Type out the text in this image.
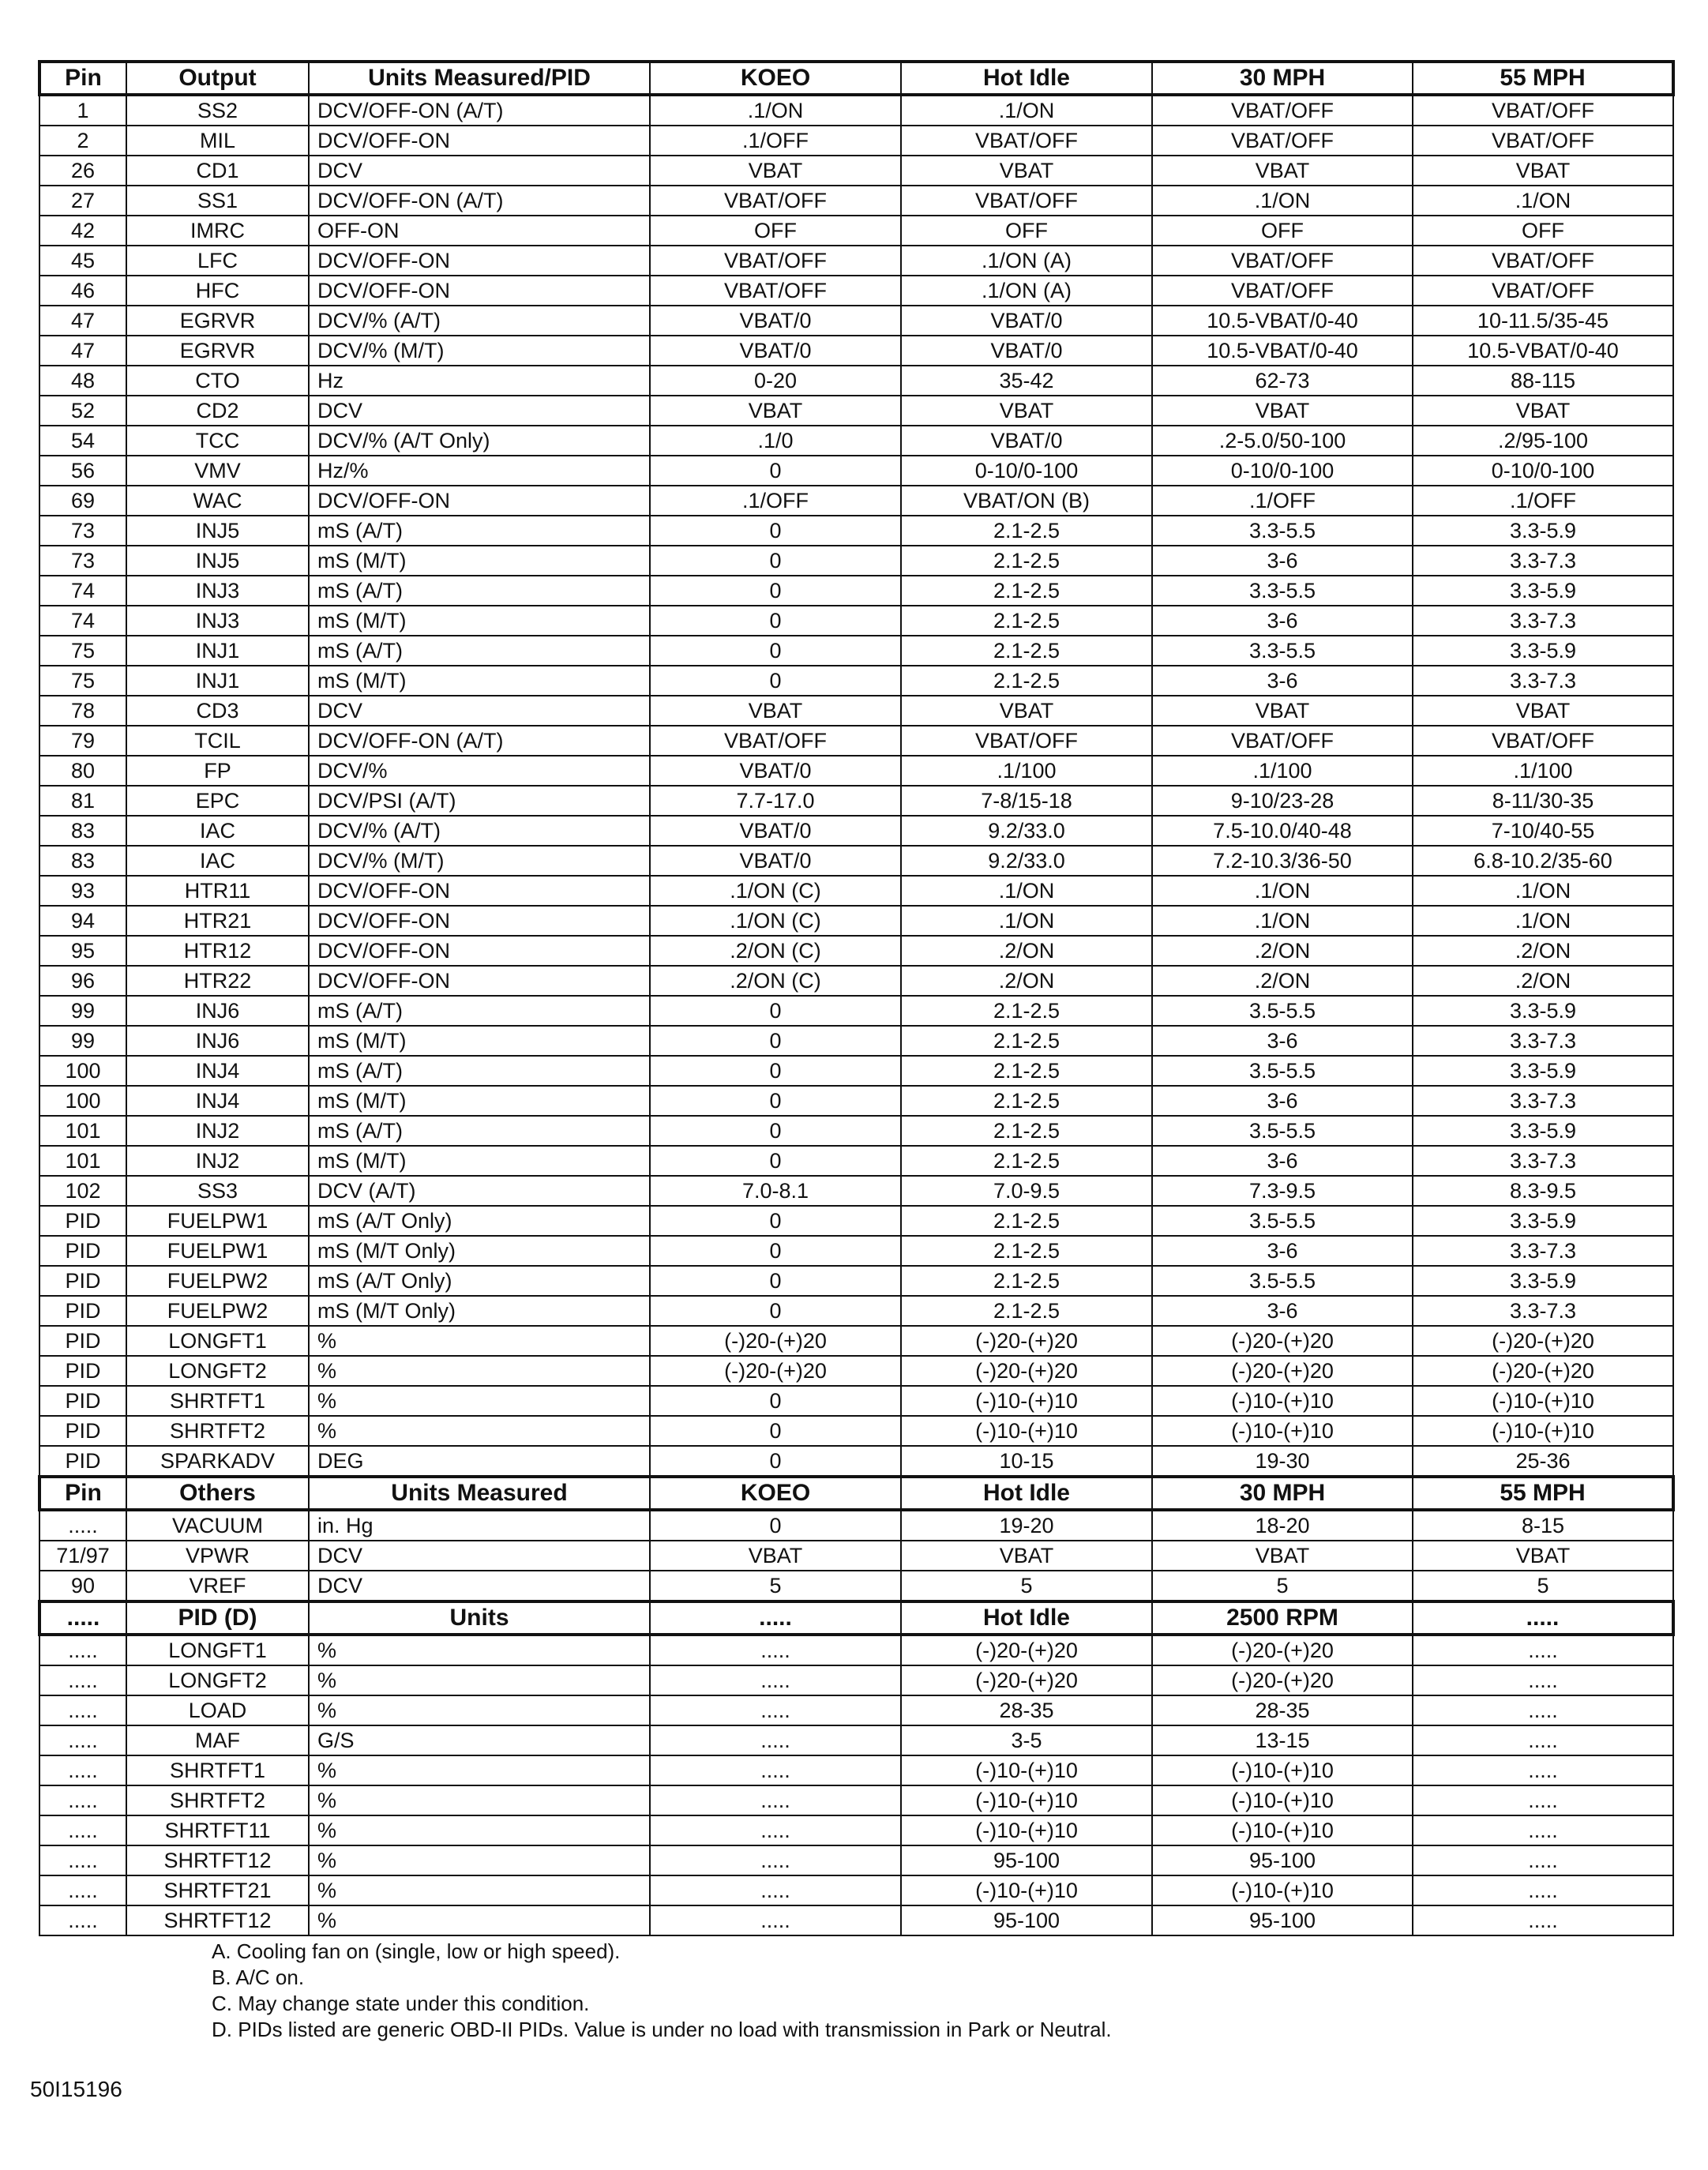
Pin	Output	Units Measured/PID	KOEO	Hot Idle	30 MPH	55 MPH
1	SS2	DCV/OFF-ON (A/T)	.1/ON	.1/ON	VBAT/OFF	VBAT/OFF
2	MIL	DCV/OFF-ON	.1/OFF	VBAT/OFF	VBAT/OFF	VBAT/OFF
26	CD1	DCV	VBAT	VBAT	VBAT	VBAT
27	SS1	DCV/OFF-ON (A/T)	VBAT/OFF	VBAT/OFF	.1/ON	.1/ON
42	IMRC	OFF-ON	OFF	OFF	OFF	OFF
45	LFC	DCV/OFF-ON	VBAT/OFF	.1/ON (A)	VBAT/OFF	VBAT/OFF
46	HFC	DCV/OFF-ON	VBAT/OFF	.1/ON (A)	VBAT/OFF	VBAT/OFF
47	EGRVR	DCV/% (A/T)	VBAT/0	VBAT/0	10.5-VBAT/0-40	10-11.5/35-45
47	EGRVR	DCV/% (M/T)	VBAT/0	VBAT/0	10.5-VBAT/0-40	10.5-VBAT/0-40
48	CTO	Hz	0-20	35-42	62-73	88-115
52	CD2	DCV	VBAT	VBAT	VBAT	VBAT
54	TCC	DCV/% (A/T Only)	.1/0	VBAT/0	.2-5.0/50-100	.2/95-100
56	VMV	Hz/%	0	0-10/0-100	0-10/0-100	0-10/0-100
69	WAC	DCV/OFF-ON	.1/OFF	VBAT/ON (B)	.1/OFF	.1/OFF
73	INJ5	mS (A/T)	0	2.1-2.5	3.3-5.5	3.3-5.9
73	INJ5	mS (M/T)	0	2.1-2.5	3-6	3.3-7.3
74	INJ3	mS (A/T)	0	2.1-2.5	3.3-5.5	3.3-5.9
74	INJ3	mS (M/T)	0	2.1-2.5	3-6	3.3-7.3
75	INJ1	mS (A/T)	0	2.1-2.5	3.3-5.5	3.3-5.9
75	INJ1	mS (M/T)	0	2.1-2.5	3-6	3.3-7.3
78	CD3	DCV	VBAT	VBAT	VBAT	VBAT
79	TCIL	DCV/OFF-ON (A/T)	VBAT/OFF	VBAT/OFF	VBAT/OFF	VBAT/OFF
80	FP	DCV/%	VBAT/0	.1/100	.1/100	.1/100
81	EPC	DCV/PSI (A/T)	7.7-17.0	7-8/15-18	9-10/23-28	8-11/30-35
83	IAC	DCV/% (A/T)	VBAT/0	9.2/33.0	7.5-10.0/40-48	7-10/40-55
83	IAC	DCV/% (M/T)	VBAT/0	9.2/33.0	7.2-10.3/36-50	6.8-10.2/35-60
93	HTR11	DCV/OFF-ON	.1/ON (C)	.1/ON	.1/ON	.1/ON
94	HTR21	DCV/OFF-ON	.1/ON (C)	.1/ON	.1/ON	.1/ON
95	HTR12	DCV/OFF-ON	.2/ON (C)	.2/ON	.2/ON	.2/ON
96	HTR22	DCV/OFF-ON	.2/ON (C)	.2/ON	.2/ON	.2/ON
99	INJ6	mS (A/T)	0	2.1-2.5	3.5-5.5	3.3-5.9
99	INJ6	mS (M/T)	0	2.1-2.5	3-6	3.3-7.3
100	INJ4	mS (A/T)	0	2.1-2.5	3.5-5.5	3.3-5.9
100	INJ4	mS (M/T)	0	2.1-2.5	3-6	3.3-7.3
101	INJ2	mS (A/T)	0	2.1-2.5	3.5-5.5	3.3-5.9
101	INJ2	mS (M/T)	0	2.1-2.5	3-6	3.3-7.3
102	SS3	DCV (A/T)	7.0-8.1	7.0-9.5	7.3-9.5	8.3-9.5
PID	FUELPW1	mS (A/T Only)	0	2.1-2.5	3.5-5.5	3.3-5.9
PID	FUELPW1	mS (M/T Only)	0	2.1-2.5	3-6	3.3-7.3
PID	FUELPW2	mS (A/T Only)	0	2.1-2.5	3.5-5.5	3.3-5.9
PID	FUELPW2	mS (M/T Only)	0	2.1-2.5	3-6	3.3-7.3
PID	LONGFT1	%	(-)20-(+)20	(-)20-(+)20	(-)20-(+)20	(-)20-(+)20
PID	LONGFT2	%	(-)20-(+)20	(-)20-(+)20	(-)20-(+)20	(-)20-(+)20
PID	SHRTFT1	%	0	(-)10-(+)10	(-)10-(+)10	(-)10-(+)10
PID	SHRTFT2	%	0	(-)10-(+)10	(-)10-(+)10	(-)10-(+)10
PID	SPARKADV	DEG	0	10-15	19-30	25-36
Pin	Others	Units Measured	KOEO	Hot Idle	30 MPH	55 MPH
.....	VACUUM	in. Hg	0	19-20	18-20	8-15
71/97	VPWR	DCV	VBAT	VBAT	VBAT	VBAT
90	VREF	DCV	5	5	5	5
.....	PID (D)	Units	.....	Hot Idle	2500 RPM	.....
.....	LONGFT1	%	.....	(-)20-(+)20	(-)20-(+)20	.....
.....	LONGFT2	%	.....	(-)20-(+)20	(-)20-(+)20	.....
.....	LOAD	%	.....	28-35	28-35	.....
.....	MAF	G/S	.....	3-5	13-15	.....
.....	SHRTFT1	%	.....	(-)10-(+)10	(-)10-(+)10	.....
.....	SHRTFT2	%	.....	(-)10-(+)10	(-)10-(+)10	.....
.....	SHRTFT11	%	.....	(-)10-(+)10	(-)10-(+)10	.....
.....	SHRTFT12	%	.....	95-100	95-100	.....
.....	SHRTFT21	%	.....	(-)10-(+)10	(-)10-(+)10	.....
.....	SHRTFT12	%	.....	95-100	95-100	.....
A. Cooling fan on (single, low or high speed).
B. A/C on.
C. May change state under this condition.
D. PIDs listed are generic OBD-II PIDs. Value is under no load with transmission in Park or Neutral.
50I15196
